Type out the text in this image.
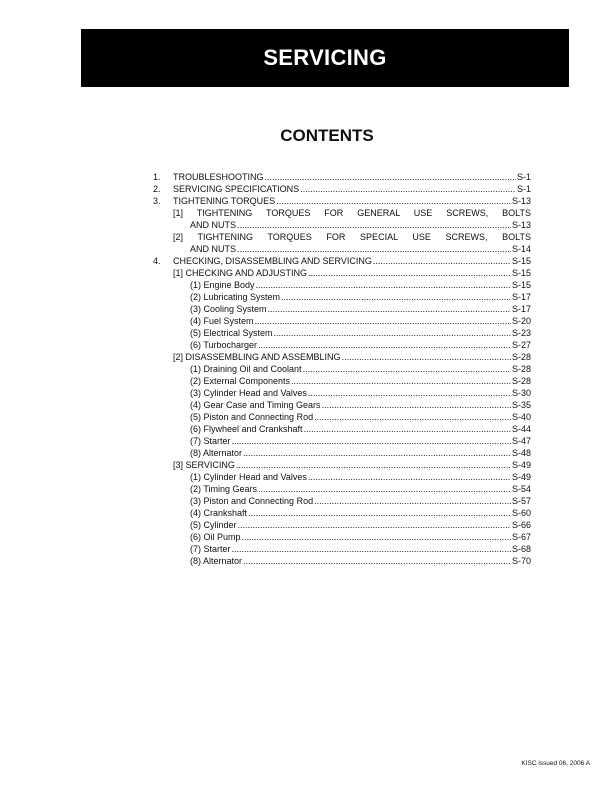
SERVICING
CONTENTS
1. TROUBLESHOOTING .....	S-1
2. SERVICING SPECIFICATIONS .....	S-1
3. TIGHTENING TORQUES .....	S-13
[1] TIGHTENING TORQUES FOR GENERAL USE SCREWS, BOLTS
AND NUTS .....	S-13
[2] TIGHTENING TORQUES FOR SPECIAL USE SCREWS, BOLTS
AND NUTS .....	S-14
4. CHECKING, DISASSEMBLING AND SERVICING .....	S-15
[1] CHECKING AND ADJUSTING .....	S-15
(1) Engine Body .....	S-15
(2) Lubricating System .....	S-17
(3) Cooling System .....	S-17
(4) Fuel System .....	S-20
(5) Electrical System .....	S-23
(6) Turbocharger .....	S-27
[2] DISASSEMBLING AND ASSEMBLING .....	S-28
(1) Draining Oil and Coolant .....	S-28
(2) External Components .....	S-28
(3) Cylinder Head and Valves .....	S-30
(4) Gear Case and Timing Gears .....	S-35
(5) Piston and Connecting Rod .....	S-40
(6) Flywheel and Crankshaft .....	S-44
(7) Starter .....	S-47
(8) Alternator .....	S-48
[3] SERVICING .....	S-49
(1) Cylinder Head and Valves .....	S-49
(2) Timing Gears .....	S-54
(3) Piston and Connecting Rod .....	S-57
(4) Crankshaft .....	S-60
(5) Cylinder .....	S-66
(6) Oil Pump .....	S-67
(7) Starter .....	S-68
(8) Alternator .....	S-70
KISC issued 06, 2006 A
